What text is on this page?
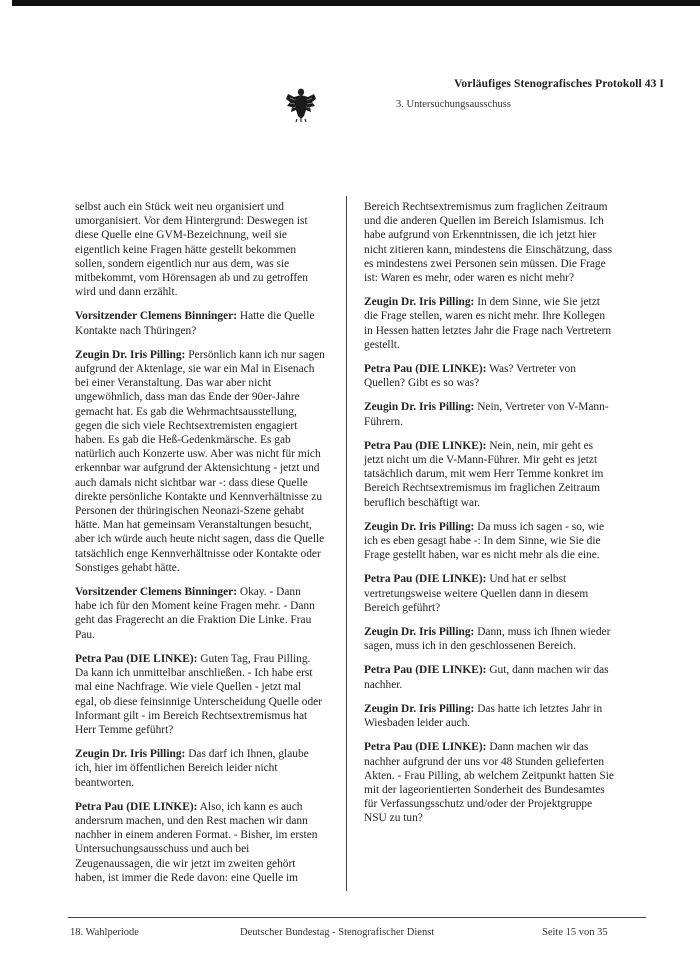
Vorläufiges Stenografisches Protokoll 43 I
3. Untersuchungsausschuss

selbst auch ein Stück weit neu organisiert und umorganisiert. Vor dem Hintergrund: Deswegen ist diese Quelle eine GVM-Bezeichnung, weil sie eigentlich keine Fragen hätte gestellt bekommen sollen, sondern eigentlich nur aus dem, was sie mitbekommt, vom Hörensagen ab und zu getroffen wird und dann erzählt.

Vorsitzender Clemens Binninger: Hatte die Quelle Kontakte nach Thüringen?

Zeugin Dr. Iris Pilling: Persönlich kann ich nur sagen aufgrund der Aktenlage, sie war ein Mal in Eisenach bei einer Veranstaltung. Das war aber nicht ungewöhnlich, dass man das Ende der 90er-Jahre gemacht hat. Es gab die Wehrmachtsausstellung, gegen die sich viele Rechtsextremisten engagiert haben. Es gab die Heß-Gedenkmärsche. Es gab natürlich auch Konzerte usw. Aber was nicht für mich erkennbar war aufgrund der Aktensichtung - jetzt und auch damals nicht sichtbar war -: dass diese Quelle direkte persönliche Kontakte und Kennverhältnisse zu Personen der thüringischen Neonazi-Szene gehabt hätte. Man hat gemeinsam Veranstaltungen besucht, aber ich würde auch heute nicht sagen, dass die Quelle tatsächlich enge Kennverhältnisse oder Kontakte oder Sonstiges gehabt hätte.

Vorsitzender Clemens Binninger: Okay. - Dann habe ich für den Moment keine Fragen mehr. - Dann geht das Fragerecht an die Fraktion Die Linke. Frau Pau.

Petra Pau (DIE LINKE): Guten Tag, Frau Pilling. Da kann ich unmittelbar anschließen. - Ich habe erst mal eine Nachfrage. Wie viele Quellen - jetzt mal egal, ob diese feinsinnige Unterscheidung Quelle oder Informant gilt - im Bereich Rechtsextremismus hat Herr Temme geführt?

Zeugin Dr. Iris Pilling: Das darf ich Ihnen, glaube ich, hier im öffentlichen Bereich leider nicht beantworten.

Petra Pau (DIE LINKE): Also, ich kann es auch andersrum machen, und den Rest machen wir dann nachher in einem anderen Format. - Bisher, im ersten Untersuchungsausschuss und auch bei Zeugenaussagen, die wir jetzt im zweiten gehört haben, ist immer die Rede davon: eine Quelle im

Bereich Rechtsextremismus zum fraglichen Zeitraum und die anderen Quellen im Bereich Islamismus. Ich habe aufgrund von Erkenntnissen, die ich jetzt hier nicht zitieren kann, mindestens die Einschätzung, dass es mindestens zwei Personen sein müssen. Die Frage ist: Waren es mehr, oder waren es nicht mehr?

Zeugin Dr. Iris Pilling: In dem Sinne, wie Sie jetzt die Frage stellen, waren es nicht mehr. Ihre Kollegen in Hessen hatten letztes Jahr die Frage nach Vertretern gestellt.

Petra Pau (DIE LINKE): Was? Vertreter von Quellen? Gibt es so was?

Zeugin Dr. Iris Pilling: Nein, Vertreter von V-Mann-Führern.

Petra Pau (DIE LINKE): Nein, nein, mir geht es jetzt nicht um die V-Mann-Führer. Mir geht es jetzt tatsächlich darum, mit wem Herr Temme konkret im Bereich Rechtsextremismus im fraglichen Zeitraum beruflich beschäftigt war.

Zeugin Dr. Iris Pilling: Da muss ich sagen - so, wie ich es eben gesagt habe -: In dem Sinne, wie Sie die Frage gestellt haben, war es nicht mehr als die eine.

Petra Pau (DIE LINKE): Und hat er selbst vertretungsweise weitere Quellen dann in diesem Bereich geführt?

Zeugin Dr. Iris Pilling: Dann, muss ich Ihnen wieder sagen, muss ich in den geschlossenen Bereich.

Petra Pau (DIE LINKE): Gut, dann machen wir das nachher.

Zeugin Dr. Iris Pilling: Das hatte ich letztes Jahr in Wiesbaden leider auch.

Petra Pau (DIE LINKE): Dann machen wir das nachher aufgrund der uns vor 48 Stunden gelieferten Akten. - Frau Pilling, ab welchem Zeitpunkt hatten Sie mit der lageorientierten Sonderheit des Bundesamtes für Verfassungsschutz und/oder der Projektgruppe NSU zu tun?

18. Wahlperiode	Deutscher Bundestag - Stenografischer Dienst	Seite 15 von 35
